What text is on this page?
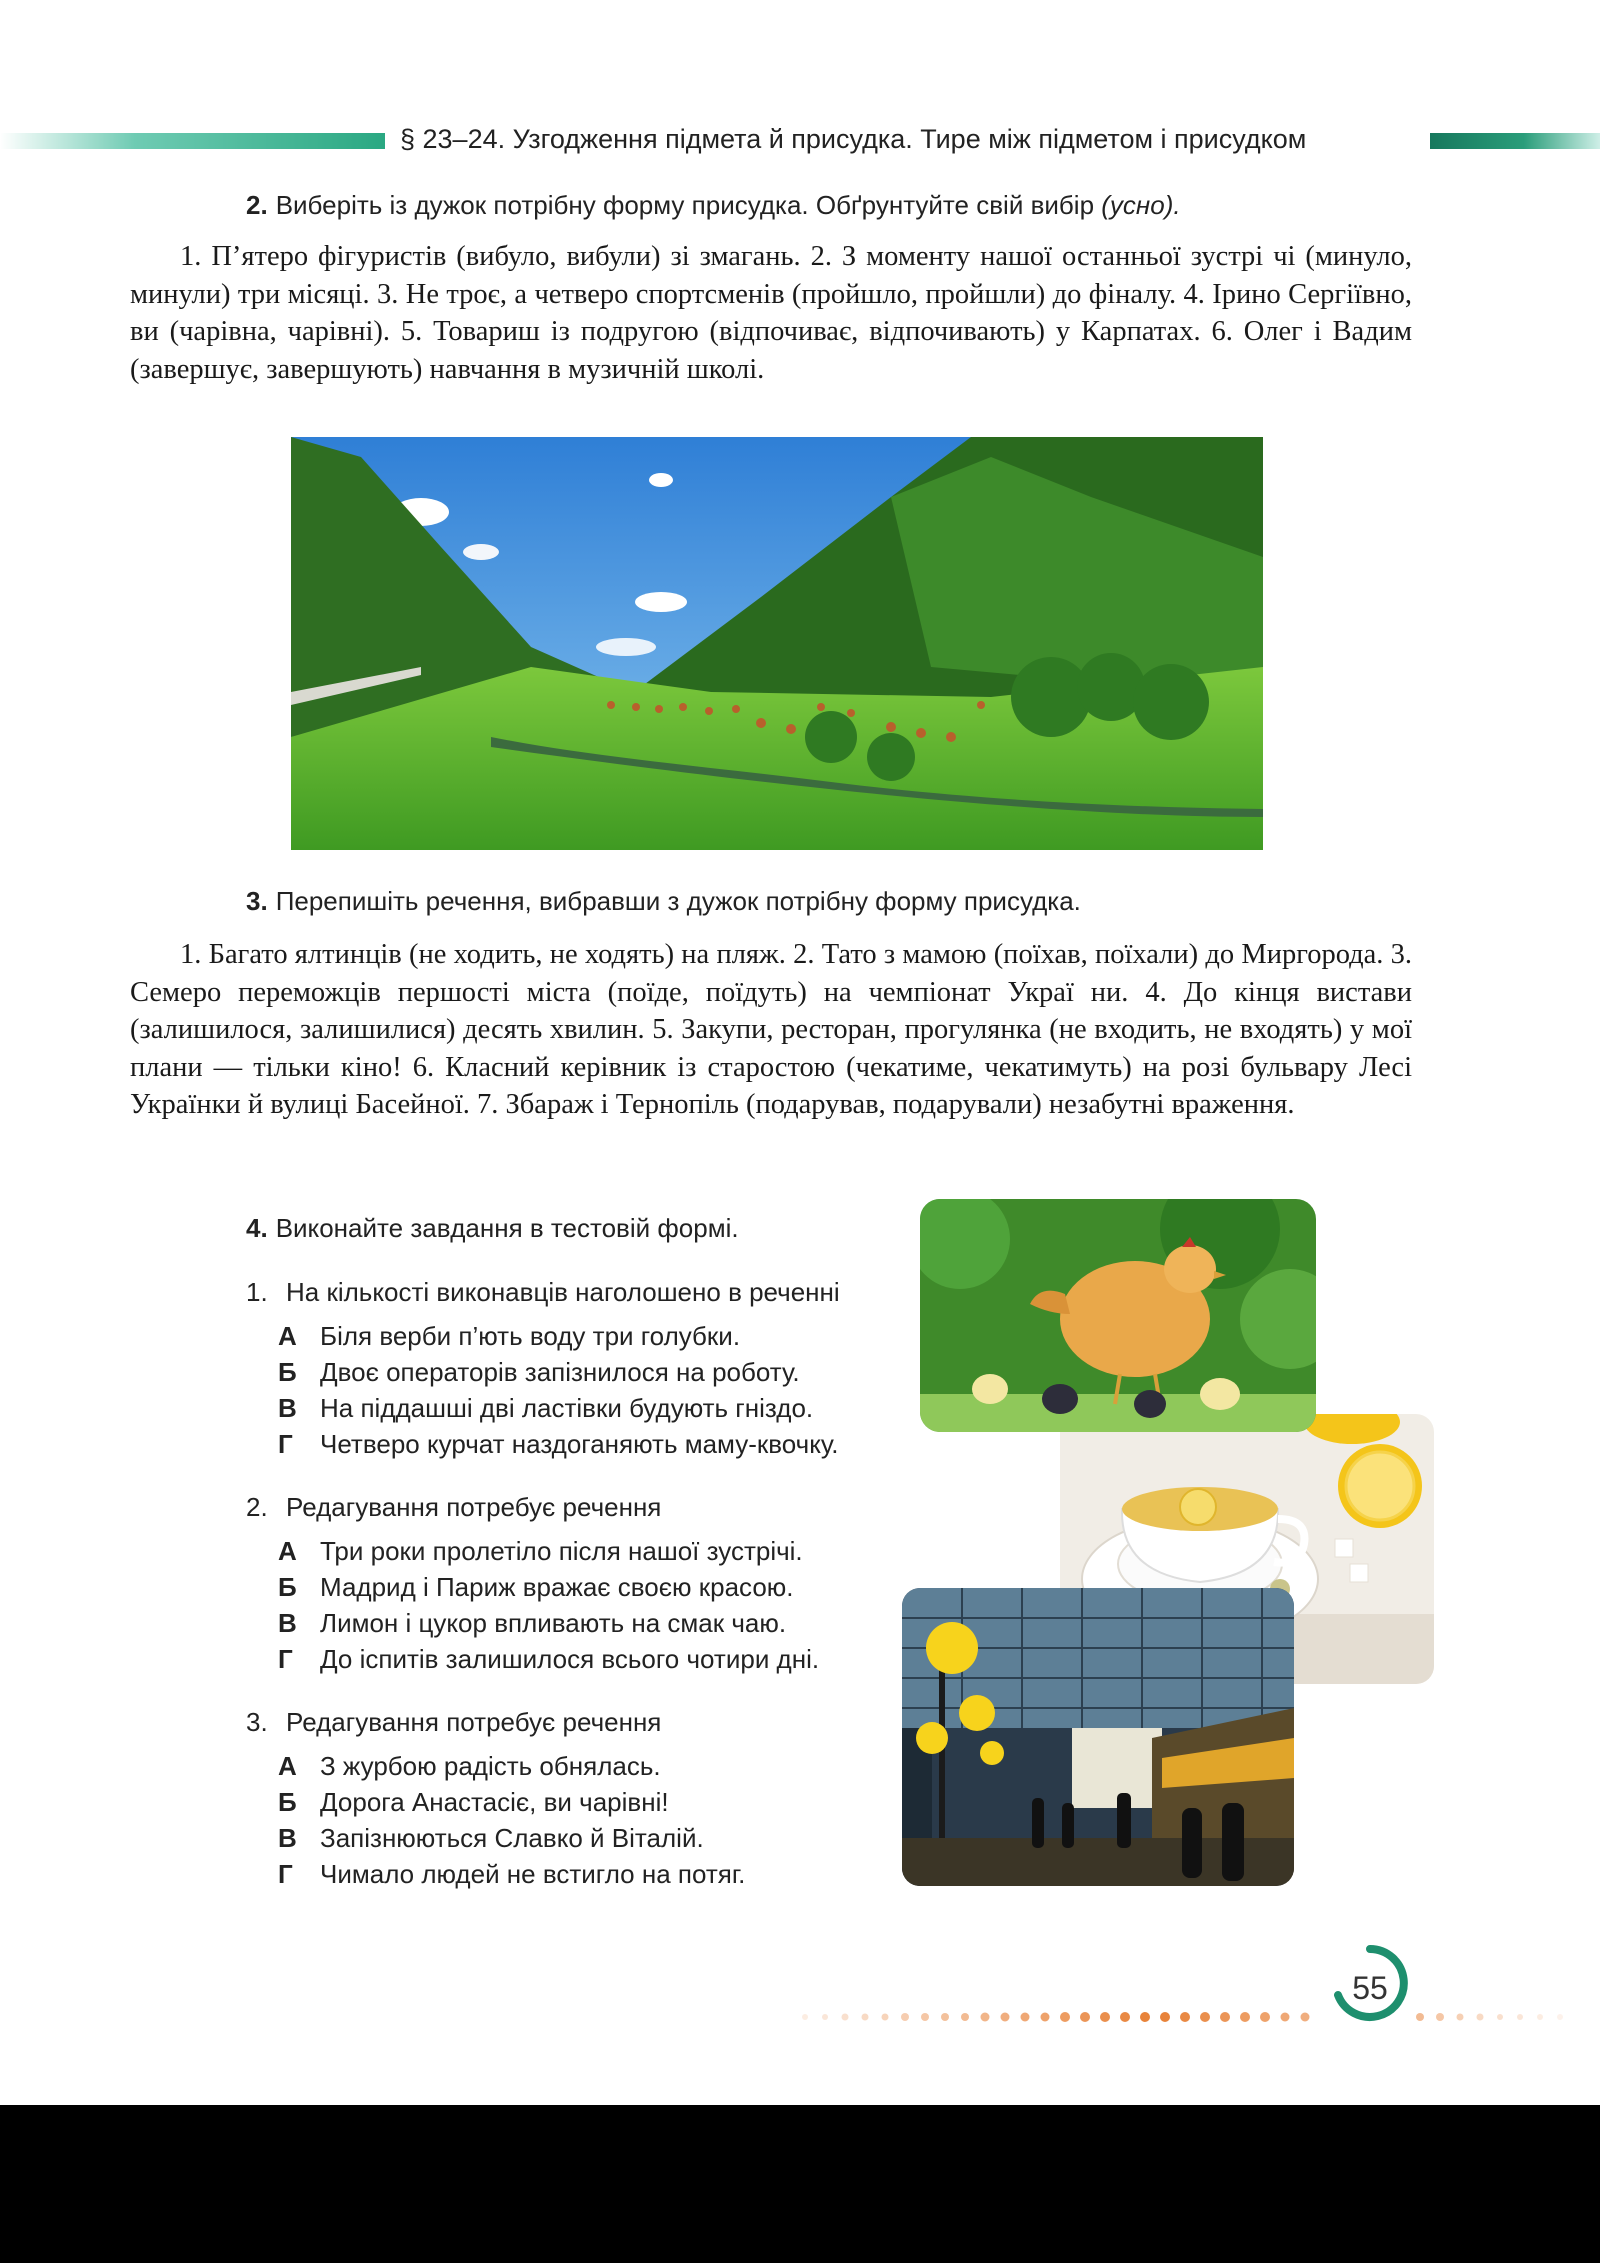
§ 23–24. Узгодження підмета й присудка. Тире між підметом і присудком
2. Виберіть із дужок потрібну форму присудка. Обґрунтуйте свій вибір (усно).
1. П’ятеро фігуристів (вибуло, вибули) зі змагань. 2. З моменту нашої останньої зустрі чі (минуло, минули) три місяці. 3. Не троє, а четверо спортсменів (пройшло, пройшли) до фіналу. 4. Ірино Сергіївно, ви (чарівна, чарівні). 5. Товариш із подругою (відпочиває, відпочивають) у Карпатах. 6. Олег і Вадим (завершує, завершують) навчання в музичній школі.
3. Перепишіть речення, вибравши з дужок потрібну форму присудка.
1. Багато ялтинців (не ходить, не ходять) на пляж. 2. Тато з мамою (поїхав, поїхали) до Миргорода. 3. Семеро переможців першості міста (поїде, поїдуть) на чемпіонат Украї ни. 4. До кінця вистави (залишилося, залишилися) десять хвилин. 5. Закупи, ресторан, прогулянка (не входить, не входять) у мої плани — тільки кіно! 6. Класний керівник із старостою (чекатиме, чекатимуть) на розі бульвару Лесі Українки й вулиці Басейної. 7. Збараж і Тернопіль (подарував, подарували) незабутні враження.
4. Виконайте завдання в тестовій формі.
1. На кількості виконавців наголошено в реченні
А Біля верби п’ють воду три голубки.
Б Двоє операторів запізнилося на роботу.
В На піддашші дві ластівки будують гніздо.
Г Четверо курчат наздоганяють маму-квочку.
2. Редагування потребує речення
А Три роки пролетіло після нашої зустрічі.
Б Мадрид і Париж вражає своєю красою.
В Лимон і цукор впливають на смак чаю.
Г До іспитів залишилося всього чотири дні.
3. Редагування потребує речення
А З журбою радість обнялась.
Б Дорога Анастасіє, ви чарівні!
В Запізнюються Славко й Віталій.
Г Чимало людей не встигло на потяг.
55
